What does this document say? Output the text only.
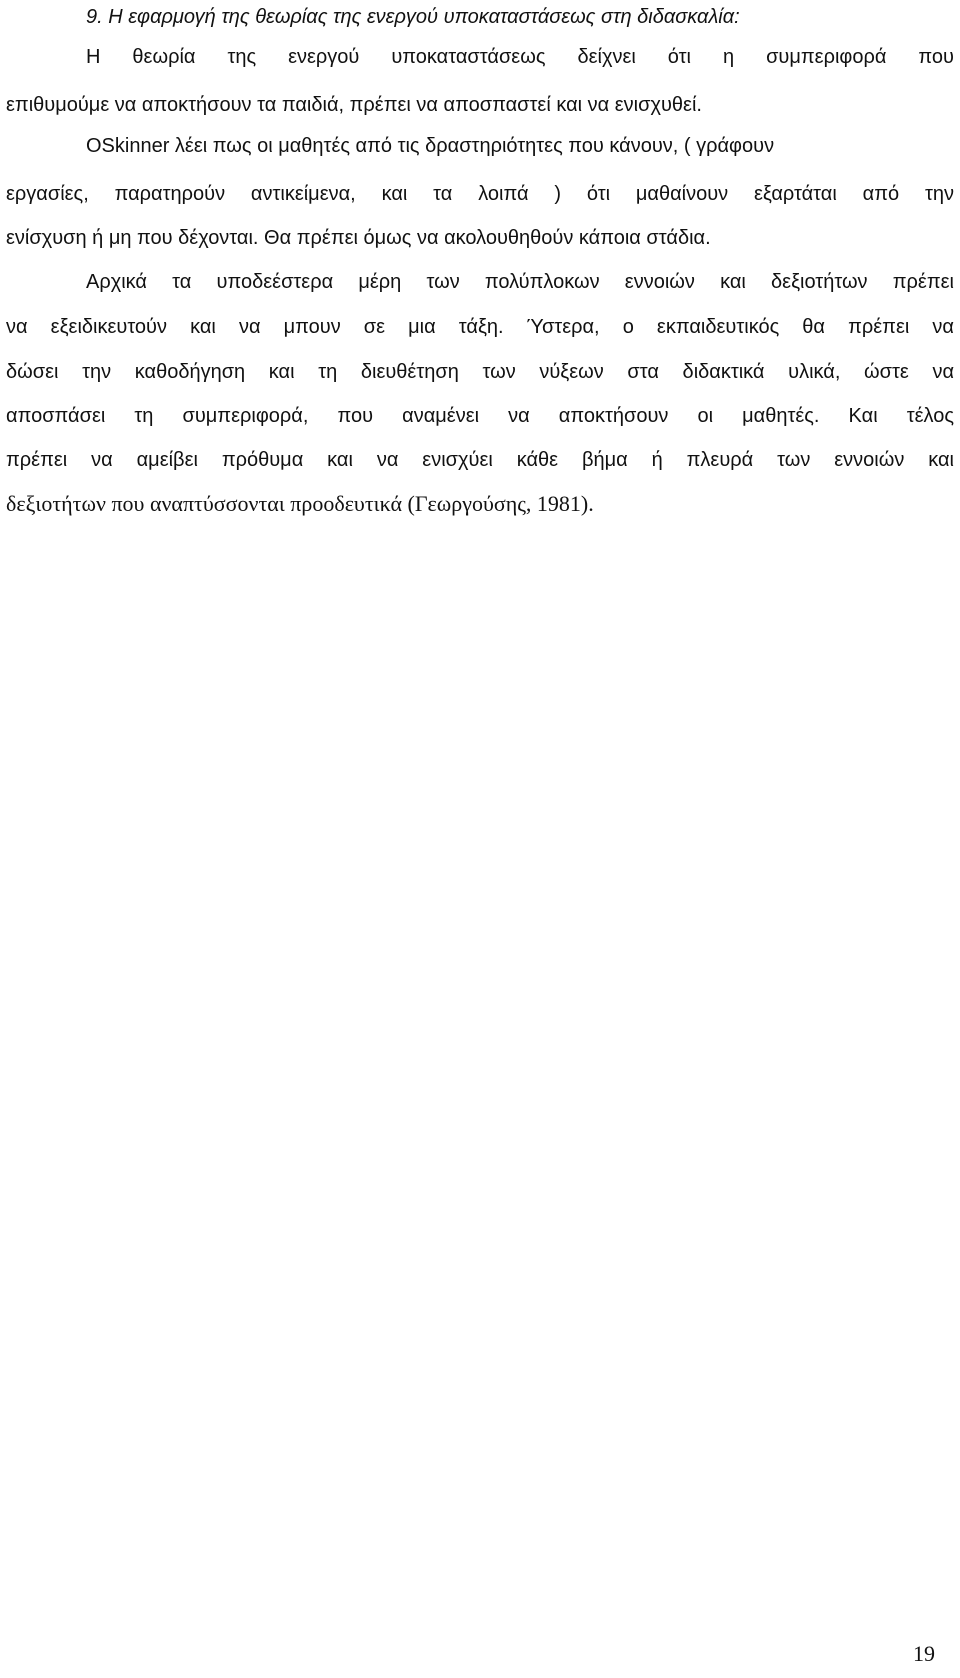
9. Η εφαρμογή της θεωρίας της ενεργού υποκαταστάσεως στη διδασκαλία:

Η θεωρία της ενεργού υποκαταστάσεως δείχνει ότι η συμπεριφορά που

επιθυμούμε να αποκτήσουν τα παιδιά, πρέπει να αποσπαστεί και να ενισχυθεί.

OSkinner λέει πως οι μαθητές από τις δραστηριότητες που κάνουν, ( γράφουν

εργασίες, παρατηρούν αντικείμενα, και τα λοιπά ) ότι μαθαίνουν εξαρτάται από την

ενίσχυση ή μη που δέχονται. Θα πρέπει όμως να ακολουθηθούν κάποια στάδια.

Αρχικά τα υποδεέστερα μέρη των πολύπλοκων εννοιών και δεξιοτήτων πρέπει

να εξειδικευτούν και να μπουν σε μια τάξη. Ύστερα, ο εκπαιδευτικός θα πρέπει να

δώσει την καθοδήγηση και τη διευθέτηση των νύξεων στα διδακτικά υλικά, ώστε να

αποσπάσει τη συμπεριφορά, που αναμένει να αποκτήσουν οι μαθητές. Και τέλος

πρέπει να αμείβει πρόθυμα και να ενισχύει κάθε βήμα ή πλευρά των εννοιών και

δεξιοτήτων που αναπτύσσονται προοδευτικά (Γεωργούσης, 1981).

19
